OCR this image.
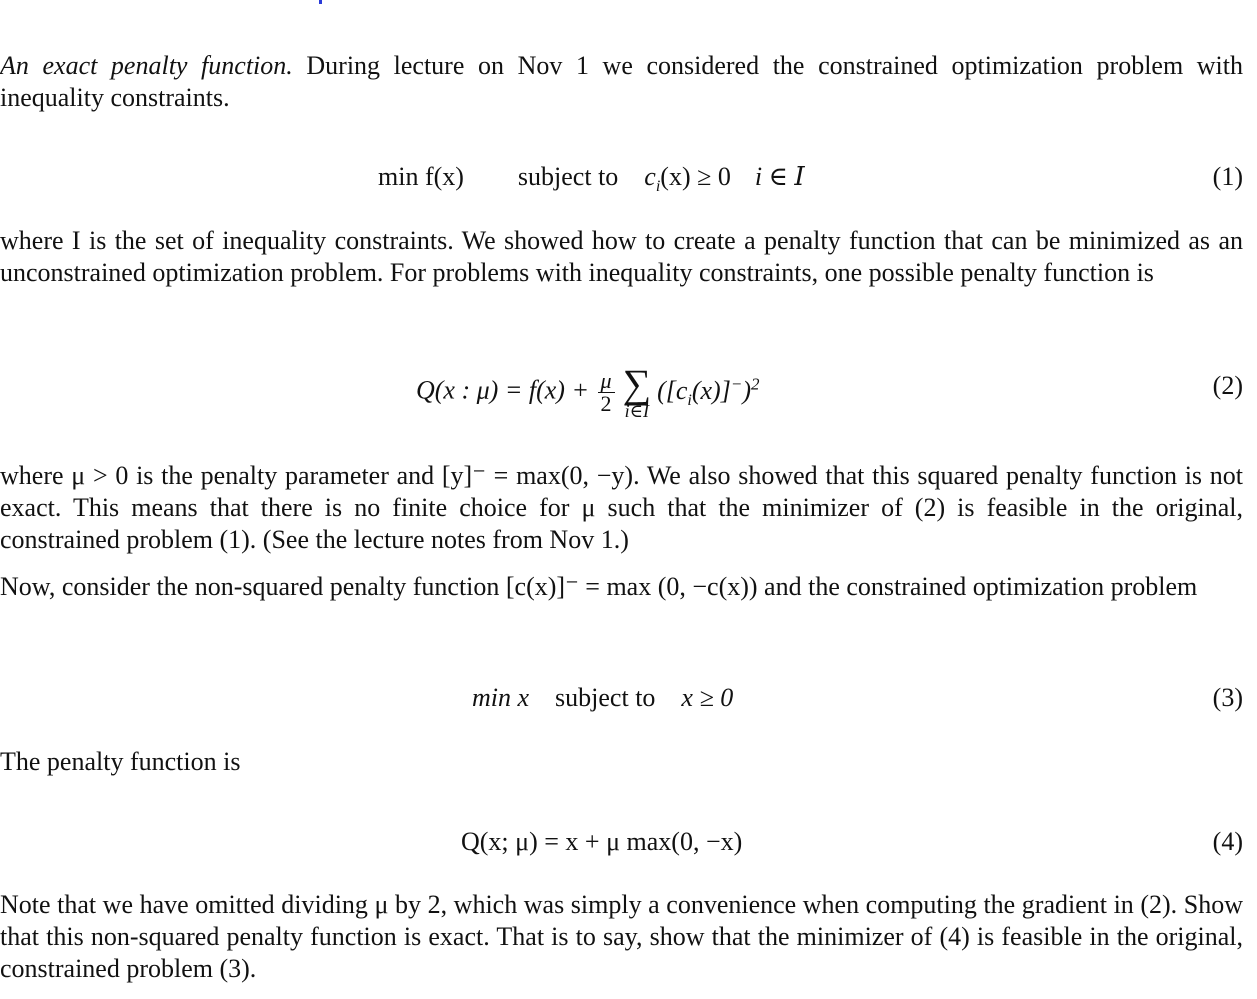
An exact penalty function. During lecture on Nov 1 we considered the constrained optimization problem with inequality constraints.

min f(x) subject to $c_i(x) \ge 0$ i ∈ I	(1)

where I is the set of inequality constraints. We showed how to create a penalty function that can be minimized as an unconstrained optimization problem. For problems with inequality constraints, one possible penalty function is

Q(x : $\mu) = f(x) + \frac{\mu}{2}$ ∑
i∈I
$([c_i(x)]^-)^2$	(2)

where μ > 0 is the penalty parameter and [y]⁻ = max(0, −y). We also showed that this squared penalty function is not exact. This means that there is no finite choice for μ such that the minimizer of (2) is feasible in the original, constrained problem (1). (See the lecture notes from Nov 1.)

Now, consider the non-squared penalty function [c(x)]⁻ = max (0, −c(x)) and the constrained optimization problem

min x subject to x ≥ 0	(3)

The penalty function is

Q(x; μ) = x + μ max(0, −x)	(4)

Note that we have omitted dividing μ by 2, which was simply a convenience when computing the gradient in (2). Show that this non-squared penalty function is exact. That is to say, show that the minimizer of (4) is feasible in the original, constrained problem (3).
